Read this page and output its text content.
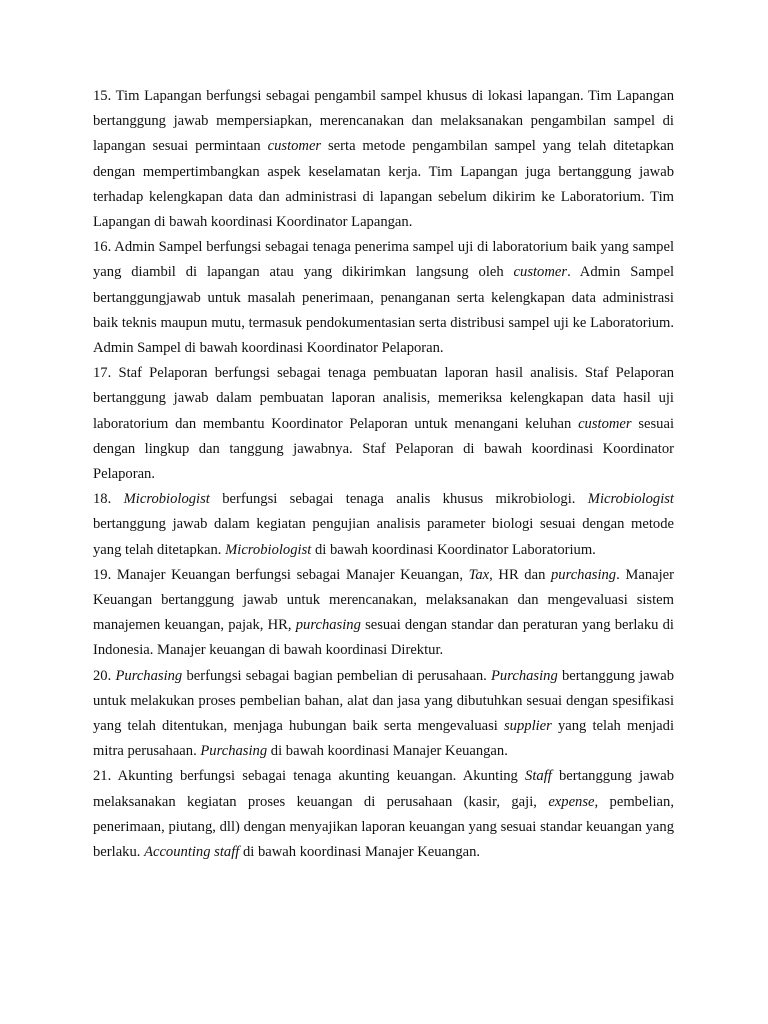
15. Tim Lapangan berfungsi sebagai pengambil sampel khusus di lokasi lapangan. Tim Lapangan bertanggung jawab mempersiapkan, merencanakan dan melaksanakan pengambilan sampel di lapangan sesuai permintaan customer serta metode pengambilan sampel yang telah ditetapkan dengan mempertimbangkan aspek keselamatan kerja. Tim Lapangan juga bertanggung jawab terhadap kelengkapan data dan administrasi di lapangan sebelum dikirim ke Laboratorium. Tim Lapangan di bawah koordinasi Koordinator Lapangan.

16. Admin Sampel berfungsi sebagai tenaga penerima sampel uji di laboratorium baik yang sampel yang diambil di lapangan atau yang dikirimkan langsung oleh customer. Admin Sampel bertanggungjawab untuk masalah penerimaan, penanganan serta kelengkapan data administrasi baik teknis maupun mutu, termasuk pendokumentasian serta distribusi sampel uji ke Laboratorium. Admin Sampel di bawah koordinasi Koordinator Pelaporan.

17. Staf Pelaporan berfungsi sebagai tenaga pembuatan laporan hasil analisis. Staf Pelaporan bertanggung jawab dalam pembuatan laporan analisis, memeriksa kelengkapan data hasil uji laboratorium dan membantu Koordinator Pelaporan untuk menangani keluhan customer sesuai dengan lingkup dan tanggung jawabnya. Staf Pelaporan di bawah koordinasi Koordinator Pelaporan.

18. Microbiologist berfungsi sebagai tenaga analis khusus mikrobiologi. Microbiologist bertanggung jawab dalam kegiatan pengujian analisis parameter biologi sesuai dengan metode yang telah ditetapkan. Microbiologist di bawah koordinasi Koordinator Laboratorium.

19. Manajer Keuangan berfungsi sebagai Manajer Keuangan, Tax, HR dan purchasing. Manajer Keuangan bertanggung jawab untuk merencanakan, melaksanakan dan mengevaluasi sistem manajemen keuangan, pajak, HR, purchasing sesuai dengan standar dan peraturan yang berlaku di Indonesia. Manajer keuangan di bawah koordinasi Direktur.

20. Purchasing berfungsi sebagai bagian pembelian di perusahaan. Purchasing bertanggung jawab untuk melakukan proses pembelian bahan, alat dan jasa yang dibutuhkan sesuai dengan spesifikasi yang telah ditentukan, menjaga hubungan baik serta mengevaluasi supplier yang telah menjadi mitra perusahaan. Purchasing di bawah koordinasi Manajer Keuangan.

21. Akunting berfungsi sebagai tenaga akunting keuangan. Akunting Staff bertanggung jawab melaksanakan kegiatan proses keuangan di perusahaan (kasir, gaji, expense, pembelian, penerimaan, piutang, dll) dengan menyajikan laporan keuangan yang sesuai standar keuangan yang berlaku. Accounting staff di bawah koordinasi Manajer Keuangan.
